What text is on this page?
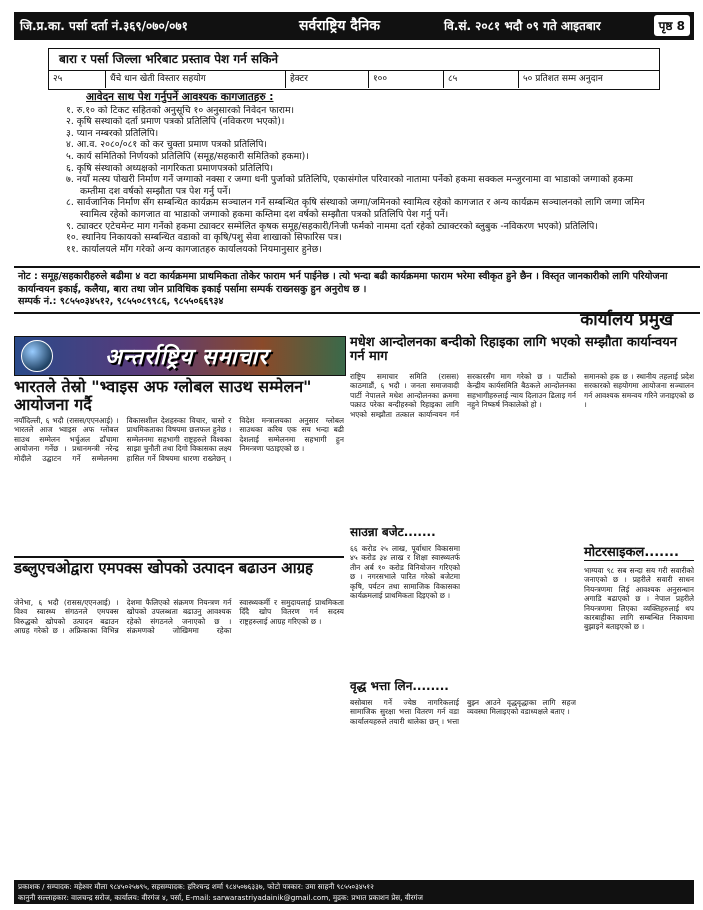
जि.प्र.का. पर्सा दर्ता नं.३६९/०७०/०७१	सर्वराष्ट्रिय दैनिक	वि.सं. २०८१ भदौ ०९ गते आइतबार	पृष्ठ 8
बारा र पर्सा जिल्ला भरिबाट प्रस्ताव पेश गर्न सकिने
२५	धैंचे धान खेती विस्तार सहयोग	हेक्टर	१००	८५	५० प्रतिशत सम्म अनुदान
आवेदन साथ पेश गर्नुपर्ने आवश्यक कागजातहरु :
१. रु.१० को टिकट सहितको अनुसूचि १० अनुसारको निवेदन फाराम।
२. कृषि सस्थाको दर्ता प्रमाण पत्रको प्रतिलिपि (नविकरण भएको)।
३. प्यान नम्बरको प्रतिलिपि।
४. आ.व. २०८०/०८१ को कर चुक्ता प्रमाण पत्रको प्रतिलिपि।
५. कार्य समितिको निर्णयको प्रतिलिपि (समूह/सहकारी समितिको हकमा)।
६. कृषि संस्थाको अध्यक्षको नागरिकता प्रमाणपत्रको प्रतिलिपि।
७. नयाँ मत्स्य पोखरी निर्माण गर्ने जग्गाको नक्सा र जग्गा धनी पुर्जाको प्रतिलिपि, एकासंगोल परिवारको नातामा पर्नेको हकमा सक्कल मन्जुरनामा वा भाडाको जग्गाको हकमा कम्तीमा दश वर्षको सम्झौता पत्र पेश गर्नु पर्ने।
८. सार्वजानिक निर्माण सँग सम्बन्धित कार्यक्रम सञ्चालन गर्ने सम्बन्धित कृषि संस्थाको जग्गा/जमिनको स्वामित्व रहेको कागजात र अन्य कार्यक्रम सञ्चालनको लागि जग्गा जमिन स्वामित्व रहेको कागजात वा भाडाको जग्गाको हकमा कम्तिमा दश वर्षको सम्झौता पत्रको प्रतिलिपि पेश गर्नु पर्ने।
९. ट्याक्टर एटेचमेन्ट माग गर्नेको हकमा ट्याक्टर सम्मेलित कृषक समूह/सहकारी/निजी फर्मको नाममा दर्ता रहेको ट्याक्टरको ब्लुबुक -नविकरण भएको) प्रतिलिपि।
१०. स्थानिय निकायको सम्बन्धित वडाको वा कृषि/पशु सेवा शाखाको सिफारिस पत्र।
११. कार्यालयले माँग गरेको अन्य कागजातहरु कार्यालयको नियमानुसार हुनेछ।
नोट : समूह/सहकारीहरुले बढीमा ४ वटा कार्यक्रममा प्राथमिकता तोकेर फाराम भर्न पाईनेछ । त्यो भन्दा बढी कार्यक्रममा फाराम भरेमा स्वीकृत हुने छैन । विस्तृत जानकारीको लागि परियोजना कार्यान्वयन इकाई, कलैया, बारा तथा जोन प्राविधिक इकाई पर्सामा सम्पर्क राख्नसकु हुन अनुरोध छ ।
सम्पर्क नं.: ९८५५०३४५१२, ९८५५०८९९८६, ९८५५०६६९३४
कार्यालय प्रमुख
अन्तर्राष्ट्रिय समाचार
भारतले तेस्रो "भ्वाइस अफ ग्लोबल साउथ सम्मेलन" आयोजना गर्दै
नयाँदिल्ली, ६ भदौ (रासस/एएनआई) । भारतले आज भ्वाइस अफ ग्लोबल साउथ सम्मेलन भर्चुअल ढाँचामा आयोजना गर्नेछ । प्रधानमन्त्री नरेन्द्र मोदीले उद्घाटन गर्ने सम्मेलनमा विकासशील देशहरुका विचार, चासो र प्राथमिकताका विषयमा छलफल हुनेछ । सम्मेलनमा सहभागी राष्ट्रहरुले विश्वका साझा चुनौती तथा दिगो विकासका लक्ष्य हासिल गर्ने विषयमा धारणा राख्नेछन् । विदेश मन्त्रालयका अनुसार ग्लोबल साउथका करिब एक सय भन्दा बढी देशलाई सम्मेलनमा सहभागी हुन निमन्त्रणा पठाइएको छ ।
डब्लुएचओद्वारा एमपक्स खोपको उत्पादन बढाउन आग्रह
जेनेभा, ६ भदौ (रासस/एएनआई) । विश्व स्वास्थ्य संगठनले एमपक्स विरुद्धको खोपको उत्पादन बढाउन आग्रह गरेको छ । अफ्रिकाका विभिन्न देशमा फैलिएको संक्रमण नियन्त्रण गर्न खोपको उपलब्धता बढाउनु आवश्यक रहेको संगठनले जनाएको छ । संक्रमणको जोखिममा रहेका स्वास्थ्यकर्मी र समुदायलाई प्राथमिकता दिँदै खोप वितरण गर्न सदस्य राष्ट्रहरुलाई आग्रह गरिएको छ ।
मधेश आन्दोलनका बन्दीको रिहाइका लागि भएको सम्झौता कार्यान्वयन गर्न माग
राष्ट्रिय समाचार समिति (रासस) काठमाडौं, ६ भदौ । जनता समाजवादी पार्टी नेपालले मधेश आन्दोलनका क्रममा पक्राउ परेका बन्दीहरुको रिहाइका लागि भएको सम्झौता तत्काल कार्यान्वयन गर्न सरकारसँग माग गरेको छ । पार्टीको केन्द्रीय कार्यसमिति बैठकले आन्दोलनका सहभागीहरुलाई न्याय दिलाउन ढिलाइ गर्न नहुने निष्कर्ष निकालेको हो ।
साउन्ना बजेट.......
६६ करोड २५ लाख, पूर्वाधार विकासमा ४५ करोड ३४ लाख र शिक्षा स्वास्थ्यतर्फ तीन अर्ब १० करोड विनियोजन गरिएको छ । नगरसभाले पारित गरेको बजेटमा कृषि, पर्यटन तथा सामाजिक विकासका कार्यक्रमलाई प्राथमिकता दिइएको छ ।
वृद्ध भत्ता लिन........
बसोबास गर्ने ज्येष्ठ नागरिकलाई सामाजिक सुरक्षा भत्ता वितरण गर्न वडा कार्यालयहरुले तयारी थालेका छन् । भत्ता बुझ्न आउने वृद्धवृद्धाका लागि सहज व्यवस्था मिलाइएको वडाध्यक्षले बताए ।
समानको हक छ । स्थानीय तहलाई प्रदेश सरकारको सहयोगमा आयोजना सञ्चालन गर्न आवश्यक समन्वय गरिने जनाइएको छ ।
मोटरसाइकल.......
भाग्यवा ९८ सब सन्दा सय गरी सवारीको जनाएको छ । प्रहरीले सवारी साधन नियन्त्रणमा लिई आवश्यक अनुसन्धान अगाडि बढाएको छ । नेपाल प्रहरीले नियन्त्रणमा लिएका व्यक्तिहरुलाई थप कारबाहीका लागि सम्बन्धित निकायमा बुझाइने बताइएको छ ।
प्रकाशक / सम्पादक: महेश्वर मौला ९८४५०२५७९५, सहसम्पादक: हरिश्चन्द्र शर्मा ९८४५०७६३३७, फोटो पत्रकार: उमा साहनी ९८५५०३४५१२
कानुनी सल्लाहकार: वालचन्द्र सरोज, कार्यालय: वीरगंज ४, पर्सा, E-mail: sarwarastriyadainik@gmail.com, मुद्रक: प्रभात प्रकाशन प्रेस, वीरगंज
